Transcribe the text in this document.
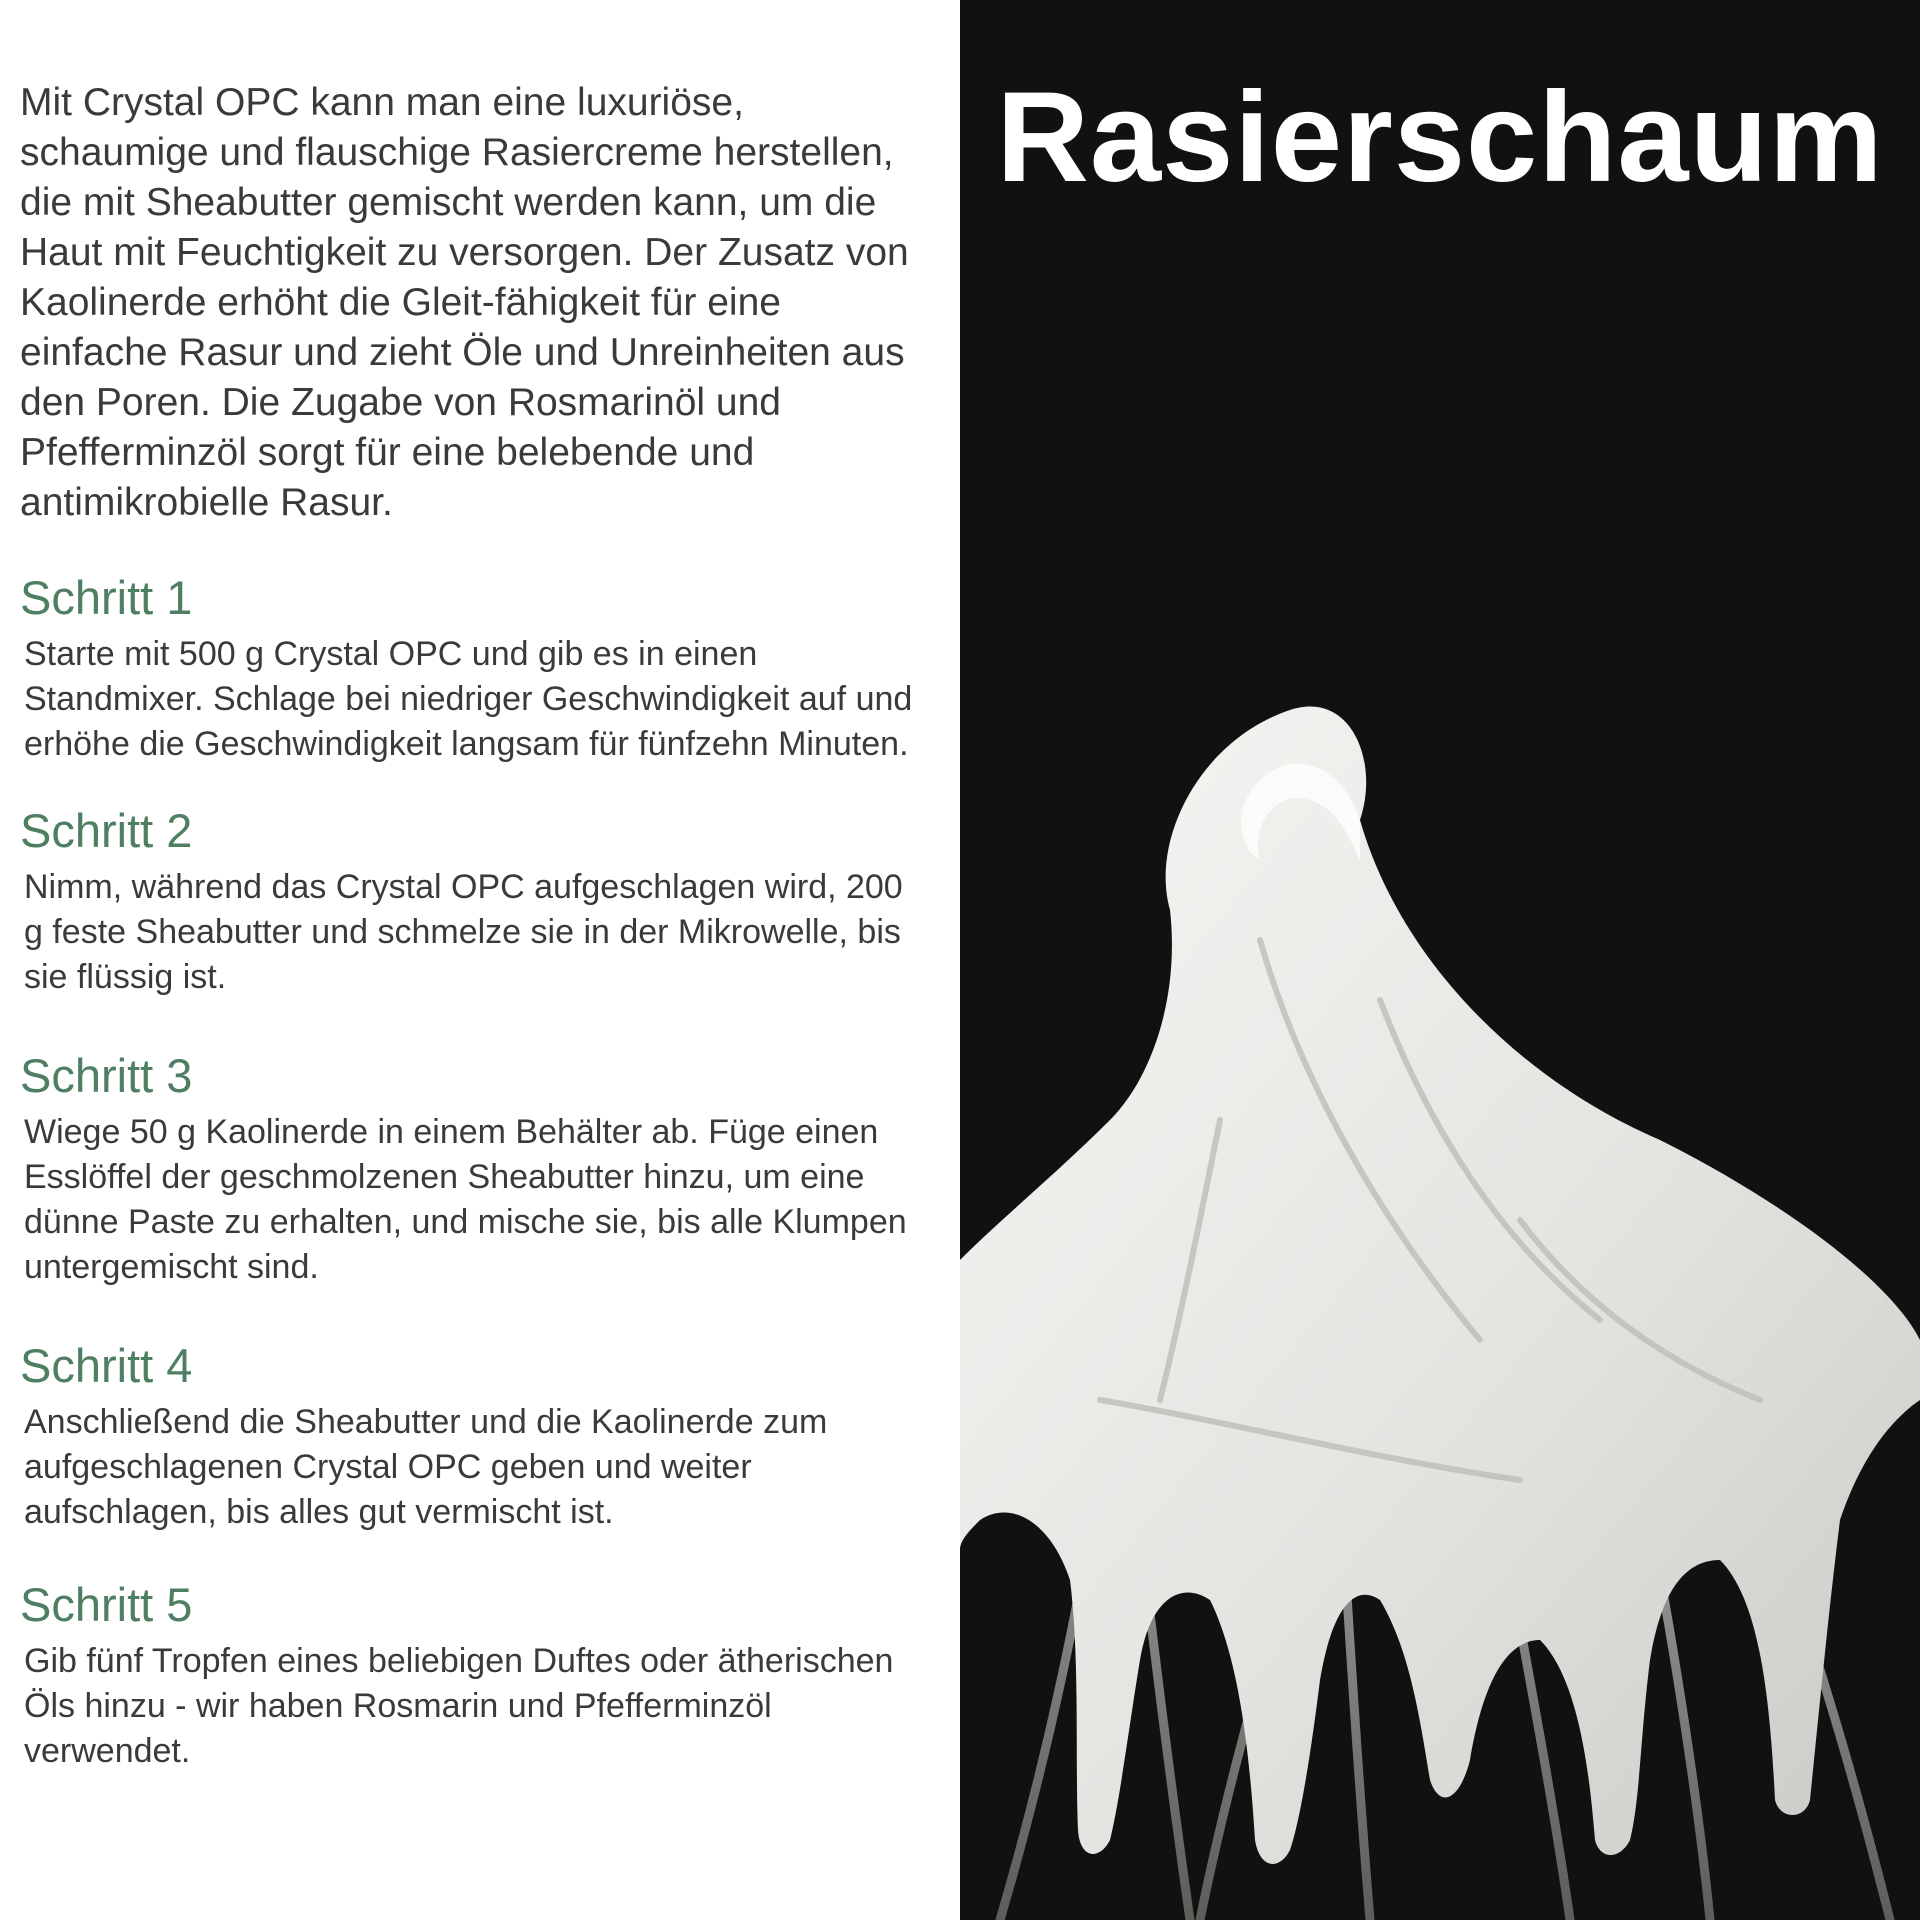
Mit Crystal OPC kann man eine luxuriöse, schaumige und flauschige Rasiercreme herstellen, die mit Sheabutter gemischt werden kann, um die Haut mit Feuchtigkeit zu versorgen. Der Zusatz von Kaolinerde erhöht die Gleit-fähigkeit für eine einfache Rasur und zieht Öle und Unreinheiten aus den Poren. Die Zugabe von Rosmarinöl und Pfefferminzöl sorgt für eine belebende und antimikrobielle Rasur.

Schritt 1

Starte mit 500 g Crystal OPC und gib es in einen Standmixer. Schlage bei niedriger Geschwindigkeit auf und erhöhe die Geschwindigkeit langsam für fünfzehn Minuten.

Schritt 2

Nimm, während das Crystal OPC aufgeschlagen wird, 200 g feste Sheabutter und schmelze sie in der Mikrowelle, bis sie flüssig ist.

Schritt 3

Wiege 50 g Kaolinerde in einem Behälter ab. Füge einen Esslöffel der geschmolzenen Sheabutter hinzu, um eine dünne Paste zu erhalten, und mische sie, bis alle Klumpen untergemischt sind.

Schritt 4

Anschließend die Sheabutter und die Kaolinerde zum aufgeschlagenen Crystal OPC geben und weiter aufschlagen, bis alles gut vermischt ist.

Schritt 5

Gib fünf Tropfen eines beliebigen Duftes oder ätherischen Öls hinzu - wir haben Rosmarin und Pfefferminzöl verwendet.

Rasierschaum
